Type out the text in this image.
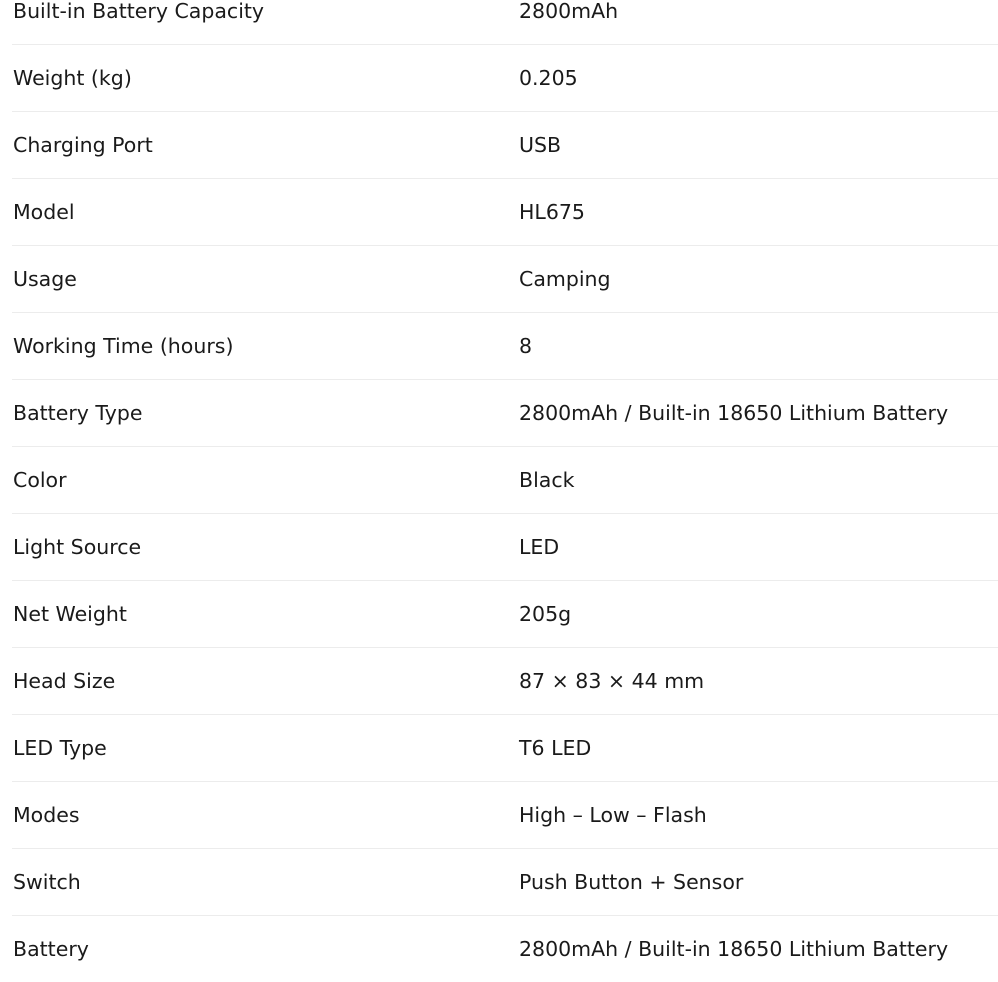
Built-in Battery Capacity	2800mAh
Weight (kg)	0.205
Charging Port	USB
Model	HL675
Usage	Camping
Working Time (hours)	8
Battery Type	2800mAh / Built-in 18650 Lithium Battery
Color	Black
Light Source	LED
Net Weight	205g
Head Size	87 × 83 × 44 mm
LED Type	T6 LED
Modes	High – Low – Flash
Switch	Push Button + Sensor
Battery	2800mAh / Built-in 18650 Lithium Battery
